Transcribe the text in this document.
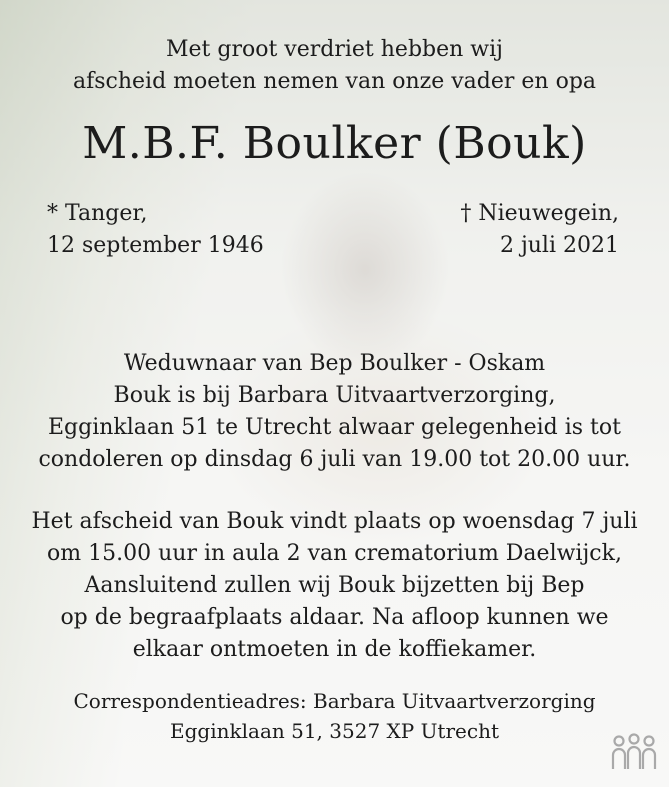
Met groot verdriet hebben wij
afscheid moeten nemen van onze vader en opa
M.B.F. Boulker (Bouk)
* Tanger,
12 september 1946
† Nieuwegein,
2 juli 2021
Weduwnaar van Bep Boulker - Oskam
Bouk is bij Barbara Uitvaartverzorging,
Egginklaan 51 te Utrecht alwaar gelegenheid is tot
condoleren op dinsdag 6 juli van 19.00 tot 20.00 uur.
Het afscheid van Bouk vindt plaats op woensdag 7 juli
om 15.00 uur in aula 2 van crematorium Daelwijck,
Aansluitend zullen wij Bouk bijzetten bij Bep
op de begraafplaats aldaar. Na afloop kunnen we
elkaar ontmoeten in de koffiekamer.
Correspondentieadres: Barbara Uitvaartverzorging
Egginklaan 51, 3527 XP Utrecht
